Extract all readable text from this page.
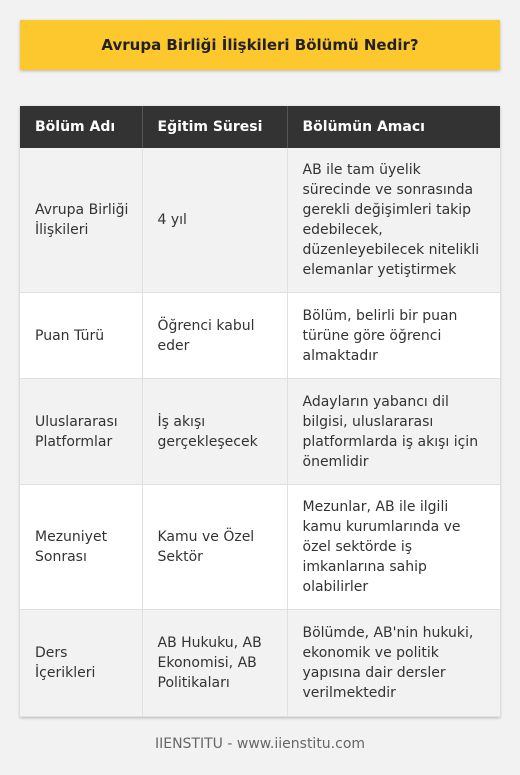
Avrupa Birliği İlişkileri Bölümü Nedir?
Bölüm Adı	Eğitim Süresi	Bölümün Amacı
Avrupa Birliği İlişkileri	4 yıl	AB ile tam üyelik sürecinde ve sonrasında gerekli değişimleri takip edebilecek, düzenleyebilecek nitelikli elemanlar yetiştirmek
Puan Türü	Öğrenci kabul eder	Bölüm, belirli bir puan türüne göre öğrenci almaktadır
Uluslararası Platformlar	İş akışı gerçekleşecek	Adayların yabancı dil bilgisi, uluslararası platformlarda iş akışı için önemlidir
Mezuniyet Sonrası	Kamu ve Özel Sektör	Mezunlar, AB ile ilgili kamu kurumlarında ve özel sektörde iş imkanlarına sahip olabilirler
Ders İçerikleri	AB Hukuku, AB Ekonomisi, AB Politikaları	Bölümde, AB'nin hukuki, ekonomik ve politik yapısına dair dersler verilmektedir
IIENSTITU - www.iienstitu.com
